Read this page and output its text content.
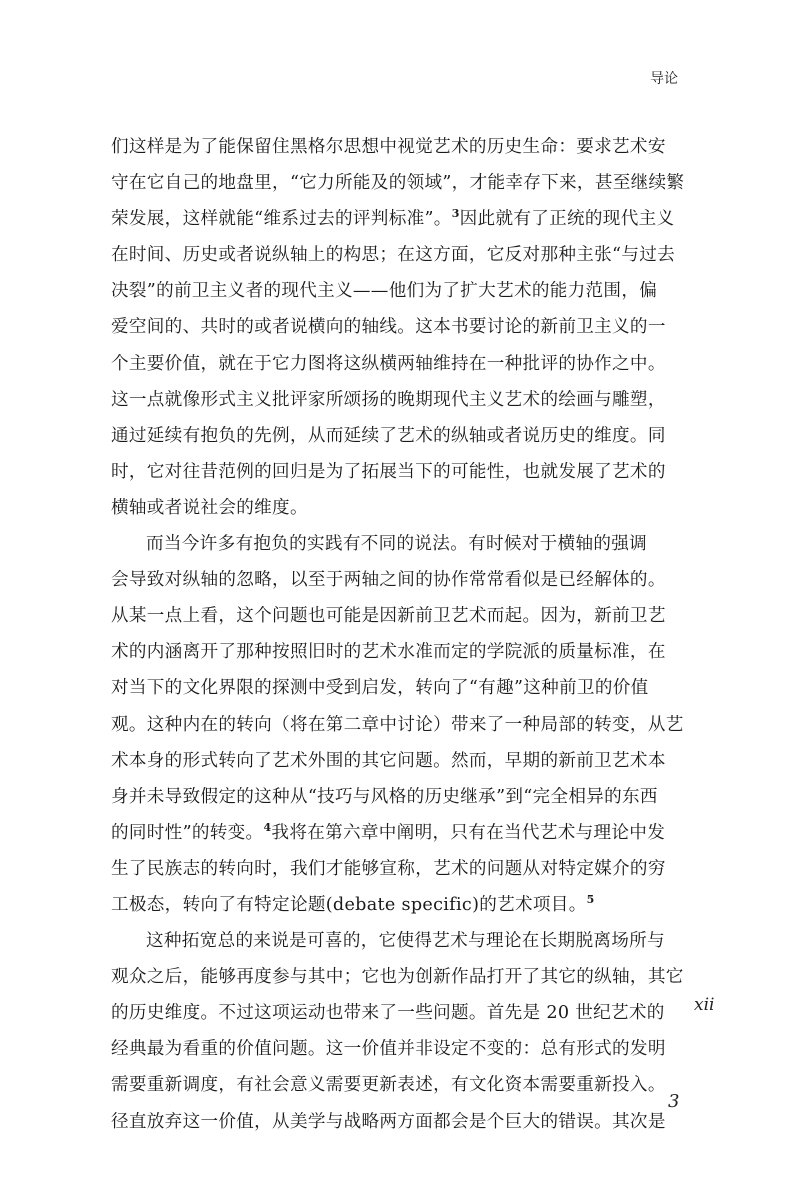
导论
们这样是为了能保留住黑格尔思想中视觉艺术的历史生命：要求艺术安
守在它自己的地盘里，“它力所能及的领域”，才能幸存下来，甚至继续繁
荣发展，这样就能“维系过去的评判标准”。$^3$因此就有了正统的现代主义
在时间、历史或者说纵轴上的构思；在这方面，它反对那种主张“与过去
决裂”的前卫主义者的现代主义——他们为了扩大艺术的能力范围，偏
爱空间的、共时的或者说横向的轴线。这本书要讨论的新前卫主义的一
个主要价值，就在于它力图将这纵横两轴维持在一种批评的协作之中。
这一点就像形式主义批评家所颂扬的晚期现代主义艺术的绘画与雕塑，
通过延续有抱负的先例，从而延续了艺术的纵轴或者说历史的维度。同
时，它对往昔范例的回归是为了拓展当下的可能性，也就发展了艺术的
横轴或者说社会的维度。
而当今许多有抱负的实践有不同的说法。有时候对于横轴的强调
会导致对纵轴的忽略，以至于两轴之间的协作常常看似是已经解体的。
从某一点上看，这个问题也可能是因新前卫艺术而起。因为，新前卫艺
术的内涵离开了那种按照旧时的艺术水准而定的学院派的质量标准，在
对当下的文化界限的探测中受到启发，转向了“有趣”这种前卫的价值
观。这种内在的转向（将在第二章中讨论）带来了一种局部的转变，从艺
术本身的形式转向了艺术外围的其它问题。然而，早期的新前卫艺术本
身并未导致假定的这种从“技巧与风格的历史继承”到“完全相异的东西
的同时性”的转变。$^4$我将在第六章中阐明，只有在当代艺术与理论中发
生了民族志的转向时，我们才能够宣称，艺术的问题从对特定媒介的穷
工极态，转向了有特定论题(debate specific)的艺术项目。$^5$
这种拓宽总的来说是可喜的，它使得艺术与理论在长期脱离场所与
观众之后，能够再度参与其中；它也为创新作品打开了其它的纵轴，其它
的历史维度。不过这项运动也带来了一些问题。首先是 20 世纪艺术的
经典最为看重的价值问题。这一价值并非设定不变的：总有形式的发明
需要重新调度，有社会意义需要更新表述，有文化资本需要重新投入。
径直放弃这一价值，从美学与战略两方面都会是个巨大的错误。其次是
xii
3
